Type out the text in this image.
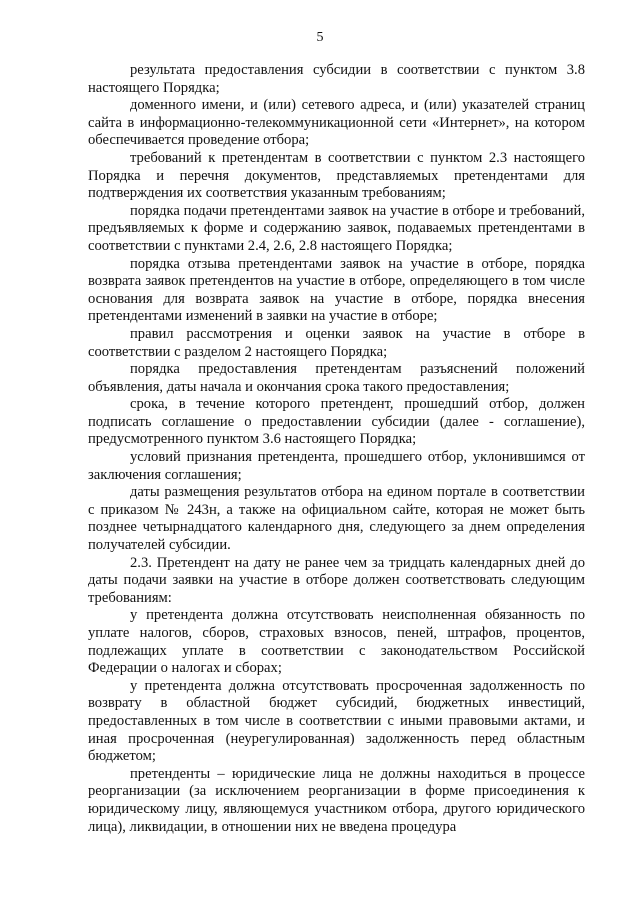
5

результата предоставления субсидии в соответствии с пунктом 3.8 настоящего Порядка;

доменного имени, и (или) сетевого адреса, и (или) указателей страниц сайта в информационно-телекоммуникационной сети «Интернет», на котором обеспечивается проведение отбора;

требований к претендентам в соответствии с пунктом 2.3 настоящего Порядка и перечня документов, представляемых претендентами для подтверждения их соответствия указанным требованиям;

порядка подачи претендентами заявок на участие в отборе и требований, предъявляемых к форме и содержанию заявок, подаваемых претендентами в соответствии с пунктами 2.4, 2.6, 2.8 настоящего Порядка;

порядка отзыва претендентами заявок на участие в отборе, порядка возврата заявок претендентов на участие в отборе, определяющего в том числе основания для возврата заявок на участие в отборе, порядка внесения претендентами изменений в заявки на участие в отборе;

правил рассмотрения и оценки заявок на участие в отборе в соответствии с разделом 2 настоящего Порядка;

порядка предоставления претендентам разъяснений положений объявления, даты начала и окончания срока такого предоставления;

срока, в течение которого претендент, прошедший отбор, должен подписать соглашение о предоставлении субсидии (далее - соглашение), предусмотренного пунктом 3.6 настоящего Порядка;

условий признания претендента, прошедшего отбор, уклонившимся от заключения соглашения;

даты размещения результатов отбора на едином портале в соответствии с приказом № 243н, а также на официальном сайте, которая не может быть позднее четырнадцатого календарного дня, следующего за днем определения получателей субсидии.

2.3. Претендент на дату не ранее чем за тридцать календарных дней до даты подачи заявки на участие в отборе должен соответствовать следующим требованиям:

у претендента должна отсутствовать неисполненная обязанность по уплате налогов, сборов, страховых взносов, пеней, штрафов, процентов, подлежащих уплате в соответствии с законодательством Российской Федерации о налогах и сборах;

у претендента должна отсутствовать просроченная задолженность по возврату в областной бюджет субсидий, бюджетных инвестиций, предоставленных в том числе в соответствии с иными правовыми актами, и иная просроченная (неурегулированная) задолженность перед областным бюджетом;

претенденты – юридические лица не должны находиться в процессе реорганизации (за исключением реорганизации в форме присоединения к юридическому лицу, являющемуся участником отбора, другого юридического лица), ликвидации, в отношении них не введена процедура
